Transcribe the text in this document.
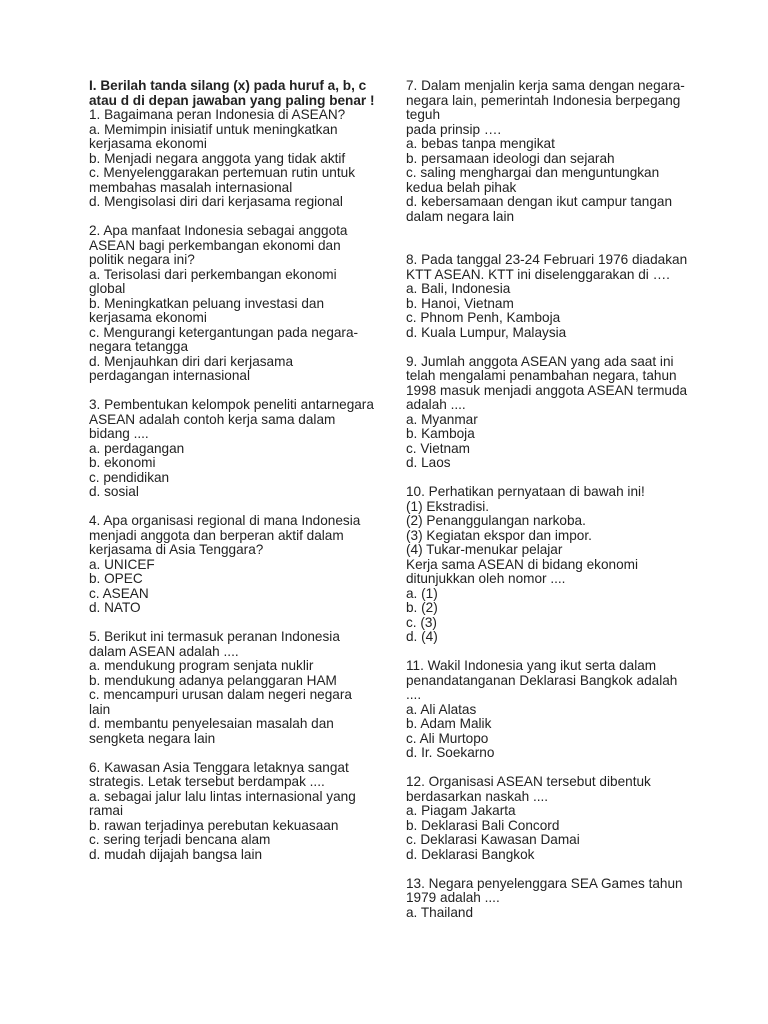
I. Berilah tanda silang (x) pada huruf a, b, c atau d di depan jawaban yang paling benar !
1. Bagaimana peran Indonesia di ASEAN?
a. Memimpin inisiatif untuk meningkatkan kerjasama ekonomi
b. Menjadi negara anggota yang tidak aktif
c. Menyelenggarakan pertemuan rutin untuk membahas masalah internasional
d. Mengisolasi diri dari kerjasama regional
2. Apa manfaat Indonesia sebagai anggota ASEAN bagi perkembangan ekonomi dan politik negara ini?
a. Terisolasi dari perkembangan ekonomi global
b. Meningkatkan peluang investasi dan kerjasama ekonomi
c. Mengurangi ketergantungan pada negara-negara tetangga
d. Menjauhkan diri dari kerjasama perdagangan internasional
3. Pembentukan kelompok peneliti antarnegara ASEAN adalah contoh kerja sama dalam bidang ....
a. perdagangan
b. ekonomi
c. pendidikan
d. sosial
4. Apa organisasi regional di mana Indonesia menjadi anggota dan berperan aktif dalam kerjasama di Asia Tenggara?
a. UNICEF
b. OPEC
c. ASEAN
d. NATO
5. Berikut ini termasuk peranan Indonesia dalam ASEAN adalah ....
a. mendukung program senjata nuklir
b. mendukung adanya pelanggaran HAM
c. mencampuri urusan dalam negeri negara lain
d. membantu penyelesaian masalah dan sengketa negara lain
6. Kawasan Asia Tenggara letaknya sangat strategis. Letak tersebut berdampak ....
a. sebagai jalur lalu lintas internasional yang ramai
b. rawan terjadinya perebutan kekuasaan
c. sering terjadi bencana alam
d. mudah dijajah bangsa lain
7. Dalam menjalin kerja sama dengan negara-negara lain, pemerintah Indonesia berpegang teguh
pada prinsip ….
a. bebas tanpa mengikat
b. persamaan ideologi dan sejarah
c. saling menghargai dan menguntungkan kedua belah pihak
d. kebersamaan dengan ikut campur tangan dalam negara lain
8. Pada tanggal 23-24 Februari 1976 diadakan KTT ASEAN. KTT ini diselenggarakan di ….
a. Bali, Indonesia
b. Hanoi, Vietnam
c. Phnom Penh, Kamboja
d. Kuala Lumpur, Malaysia
9. Jumlah anggota ASEAN yang ada saat ini telah mengalami penambahan negara, tahun 1998 masuk menjadi anggota ASEAN termuda adalah ....
a. Myanmar
b. Kamboja
c. Vietnam
d. Laos
10. Perhatikan pernyataan di bawah ini!
(1) Ekstradisi.
(2) Penanggulangan narkoba.
(3) Kegiatan ekspor dan impor.
(4) Tukar-menukar pelajar
Kerja sama ASEAN di bidang ekonomi ditunjukkan oleh nomor ....
a. (1)
b. (2)
c. (3)
d. (4)
11. Wakil Indonesia yang ikut serta dalam penandatanganan Deklarasi Bangkok adalah ....
a. Ali Alatas
b. Adam Malik
c. Ali Murtopo
d. Ir. Soekarno
12. Organisasi ASEAN tersebut dibentuk berdasarkan naskah ....
a. Piagam Jakarta
b. Deklarasi Bali Concord
c. Deklarasi Kawasan Damai
d. Deklarasi Bangkok
13. Negara penyelenggara SEA Games tahun 1979 adalah ....
a. Thailand
